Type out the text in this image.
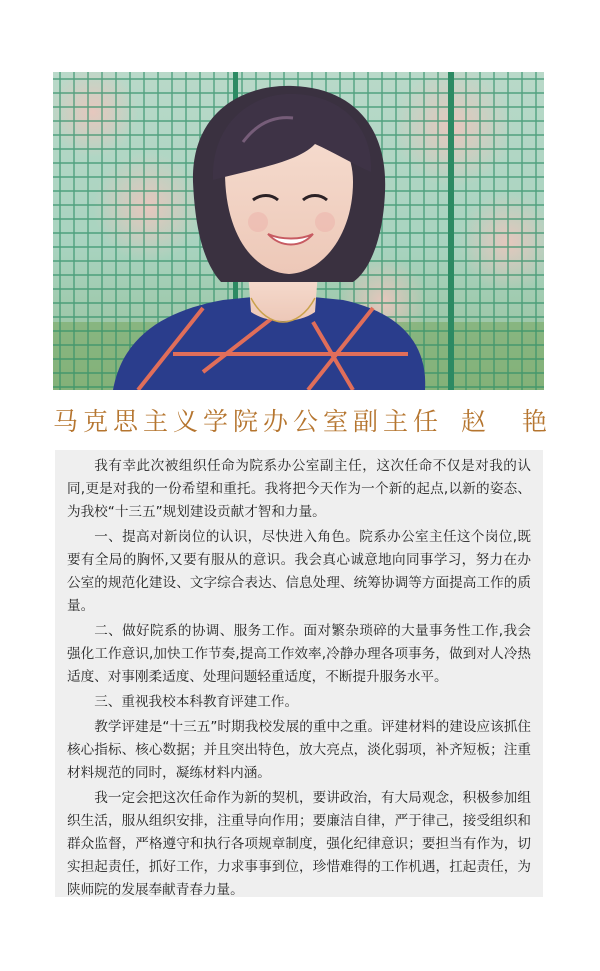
马克思主义学院办公室副主任 赵 艳

我有幸此次被组织任命为院系办公室副主任，这次任命不仅是对我的认同,更是对我的一份希望和重托。我将把今天作为一个新的起点,以新的姿态、为我校“十三五”规划建设贡献才智和力量。

一、提高对新岗位的认识，尽快进入角色。院系办公室主任这个岗位,既要有全局的胸怀,又要有服从的意识。我会真心诚意地向同事学习，努力在办公室的规范化建设、文字综合表达、信息处理、统筹协调等方面提高工作的质量。

二、做好院系的协调、服务工作。面对繁杂琐碎的大量事务性工作,我会强化工作意识,加快工作节奏,提高工作效率,冷静办理各项事务，做到对人冷热适度、对事刚柔适度、处理问题轻重适度，不断提升服务水平。

三、重视我校本科教育评建工作。

教学评建是“十三五”时期我校发展的重中之重。评建材料的建设应该抓住核心指标、核心数据；并且突出特色，放大亮点，淡化弱项，补齐短板；注重材料规范的同时，凝练材料内涵。

我一定会把这次任命作为新的契机，要讲政治，有大局观念，积极参加组织生活，服从组织安排，注重导向作用；要廉洁自律，严于律己，接受组织和群众监督，严格遵守和执行各项规章制度，强化纪律意识；要担当有作为，切实担起责任，抓好工作，力求事事到位，珍惜难得的工作机遇，扛起责任，为陕师院的发展奉献青春力量。
